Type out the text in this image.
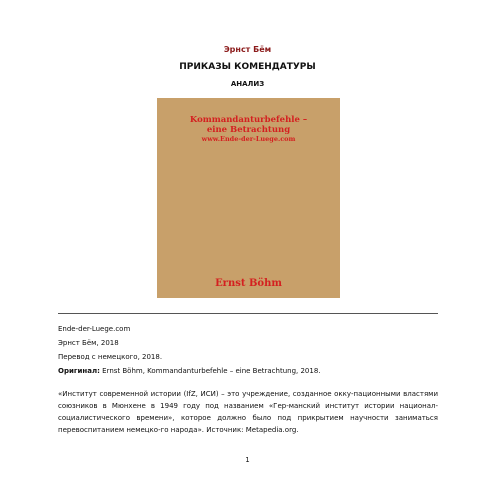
Эрнст Бём
ПРИКАЗЫ КОМЕНДАТУРЫ
АНАЛИЗ
Kommandanturbefehle –
eine Betrachtung
www.Ende-der-Luege.com
Ernst Böhm
Ende-der-Luege.com
Эрнст Бём, 2018
Перевод с немецкого, 2018.
Оригинал: Ernst Böhm, Kommandanturbefehle – eine Betrachtung, 2018.
«Институт современной истории (IfZ, ИСИ) – это учреждение, созданное окку-пационными властями союзников в Мюнхене в 1949 году под названием «Гер-манский институт истории национал-социалистического времени», которое должно было под прикрытием научности заниматься перевоспитанием немецко-го народа». Источник: Metapedia.org.
1
